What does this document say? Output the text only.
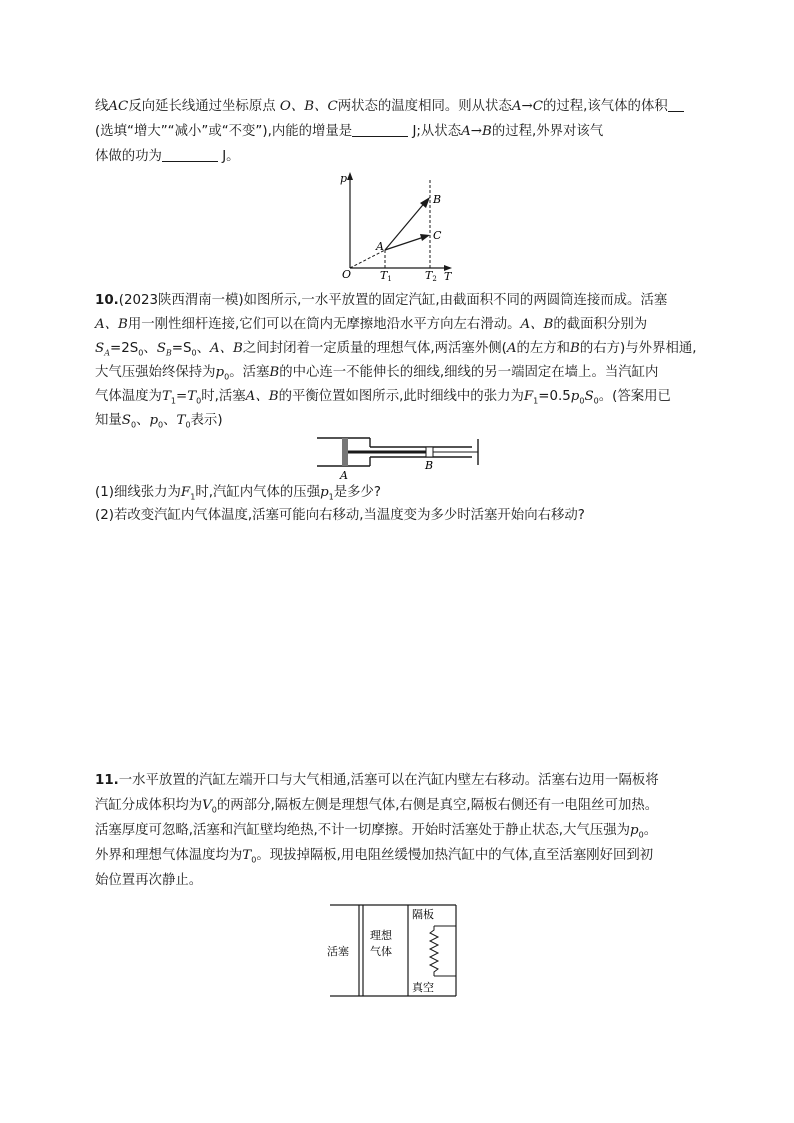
线AC反向延长线通过坐标原点 O、B、C两状态的温度相同。则从状态A→C的过程,该气体的体积
(选填“增大”“减小”或“不变”),内能的增量是	J;从状态A→B的过程,外界对该气
体做的功为	J。
p
T
O
A
B
C
T1	T2
10.(2023陕西渭南一模)如图所示,一水平放置的固定汽缸,由截面积不同的两圆筒连接而成。活塞
A、B用一刚性细杆连接,它们可以在筒内无摩擦地沿水平方向左右滑动。A、B的截面积分别为
$S_A=2S_0$、$S_B=S_0$、A、B之间封闭着一定质量的理想气体,两活塞外侧(A的左方和B的右方)与外界相通,
大气压强始终保持为$p_0$。活塞B的中心连一不能伸长的细线,细线的另一端固定在墙上。当汽缸内
气体温度为$T_1=T_0$时,活塞A、B的平衡位置如图所示,此时细线中的张力为$F_1=0.5p_0S_0$。(答案用已
知量$S_0$、$p_0$、$T_0$表示)
A
B
(1)细线张力为$F_1$时,汽缸内气体的压强$p_1$是多少?
(2)若改变汽缸内气体温度,活塞可能向右移动,当温度变为多少时活塞开始向右移动?
11.一水平放置的汽缸左端开口与大气相通,活塞可以在汽缸内壁左右移动。活塞右边用一隔板将
汽缸分成体积均为$V_0$的两部分,隔板左侧是理想气体,右侧是真空,隔板右侧还有一电阻丝可加热。
活塞厚度可忽略,活塞和汽缸壁均绝热,不计一切摩擦。开始时活塞处于静止状态,大气压强为$p_0$。
外界和理想气体温度均为$T_0$。现拔掉隔板,用电阻丝缓慢加热汽缸中的气体,直至活塞刚好回到初
始位置再次静止。
活塞
理想
气体
隔板
真空
